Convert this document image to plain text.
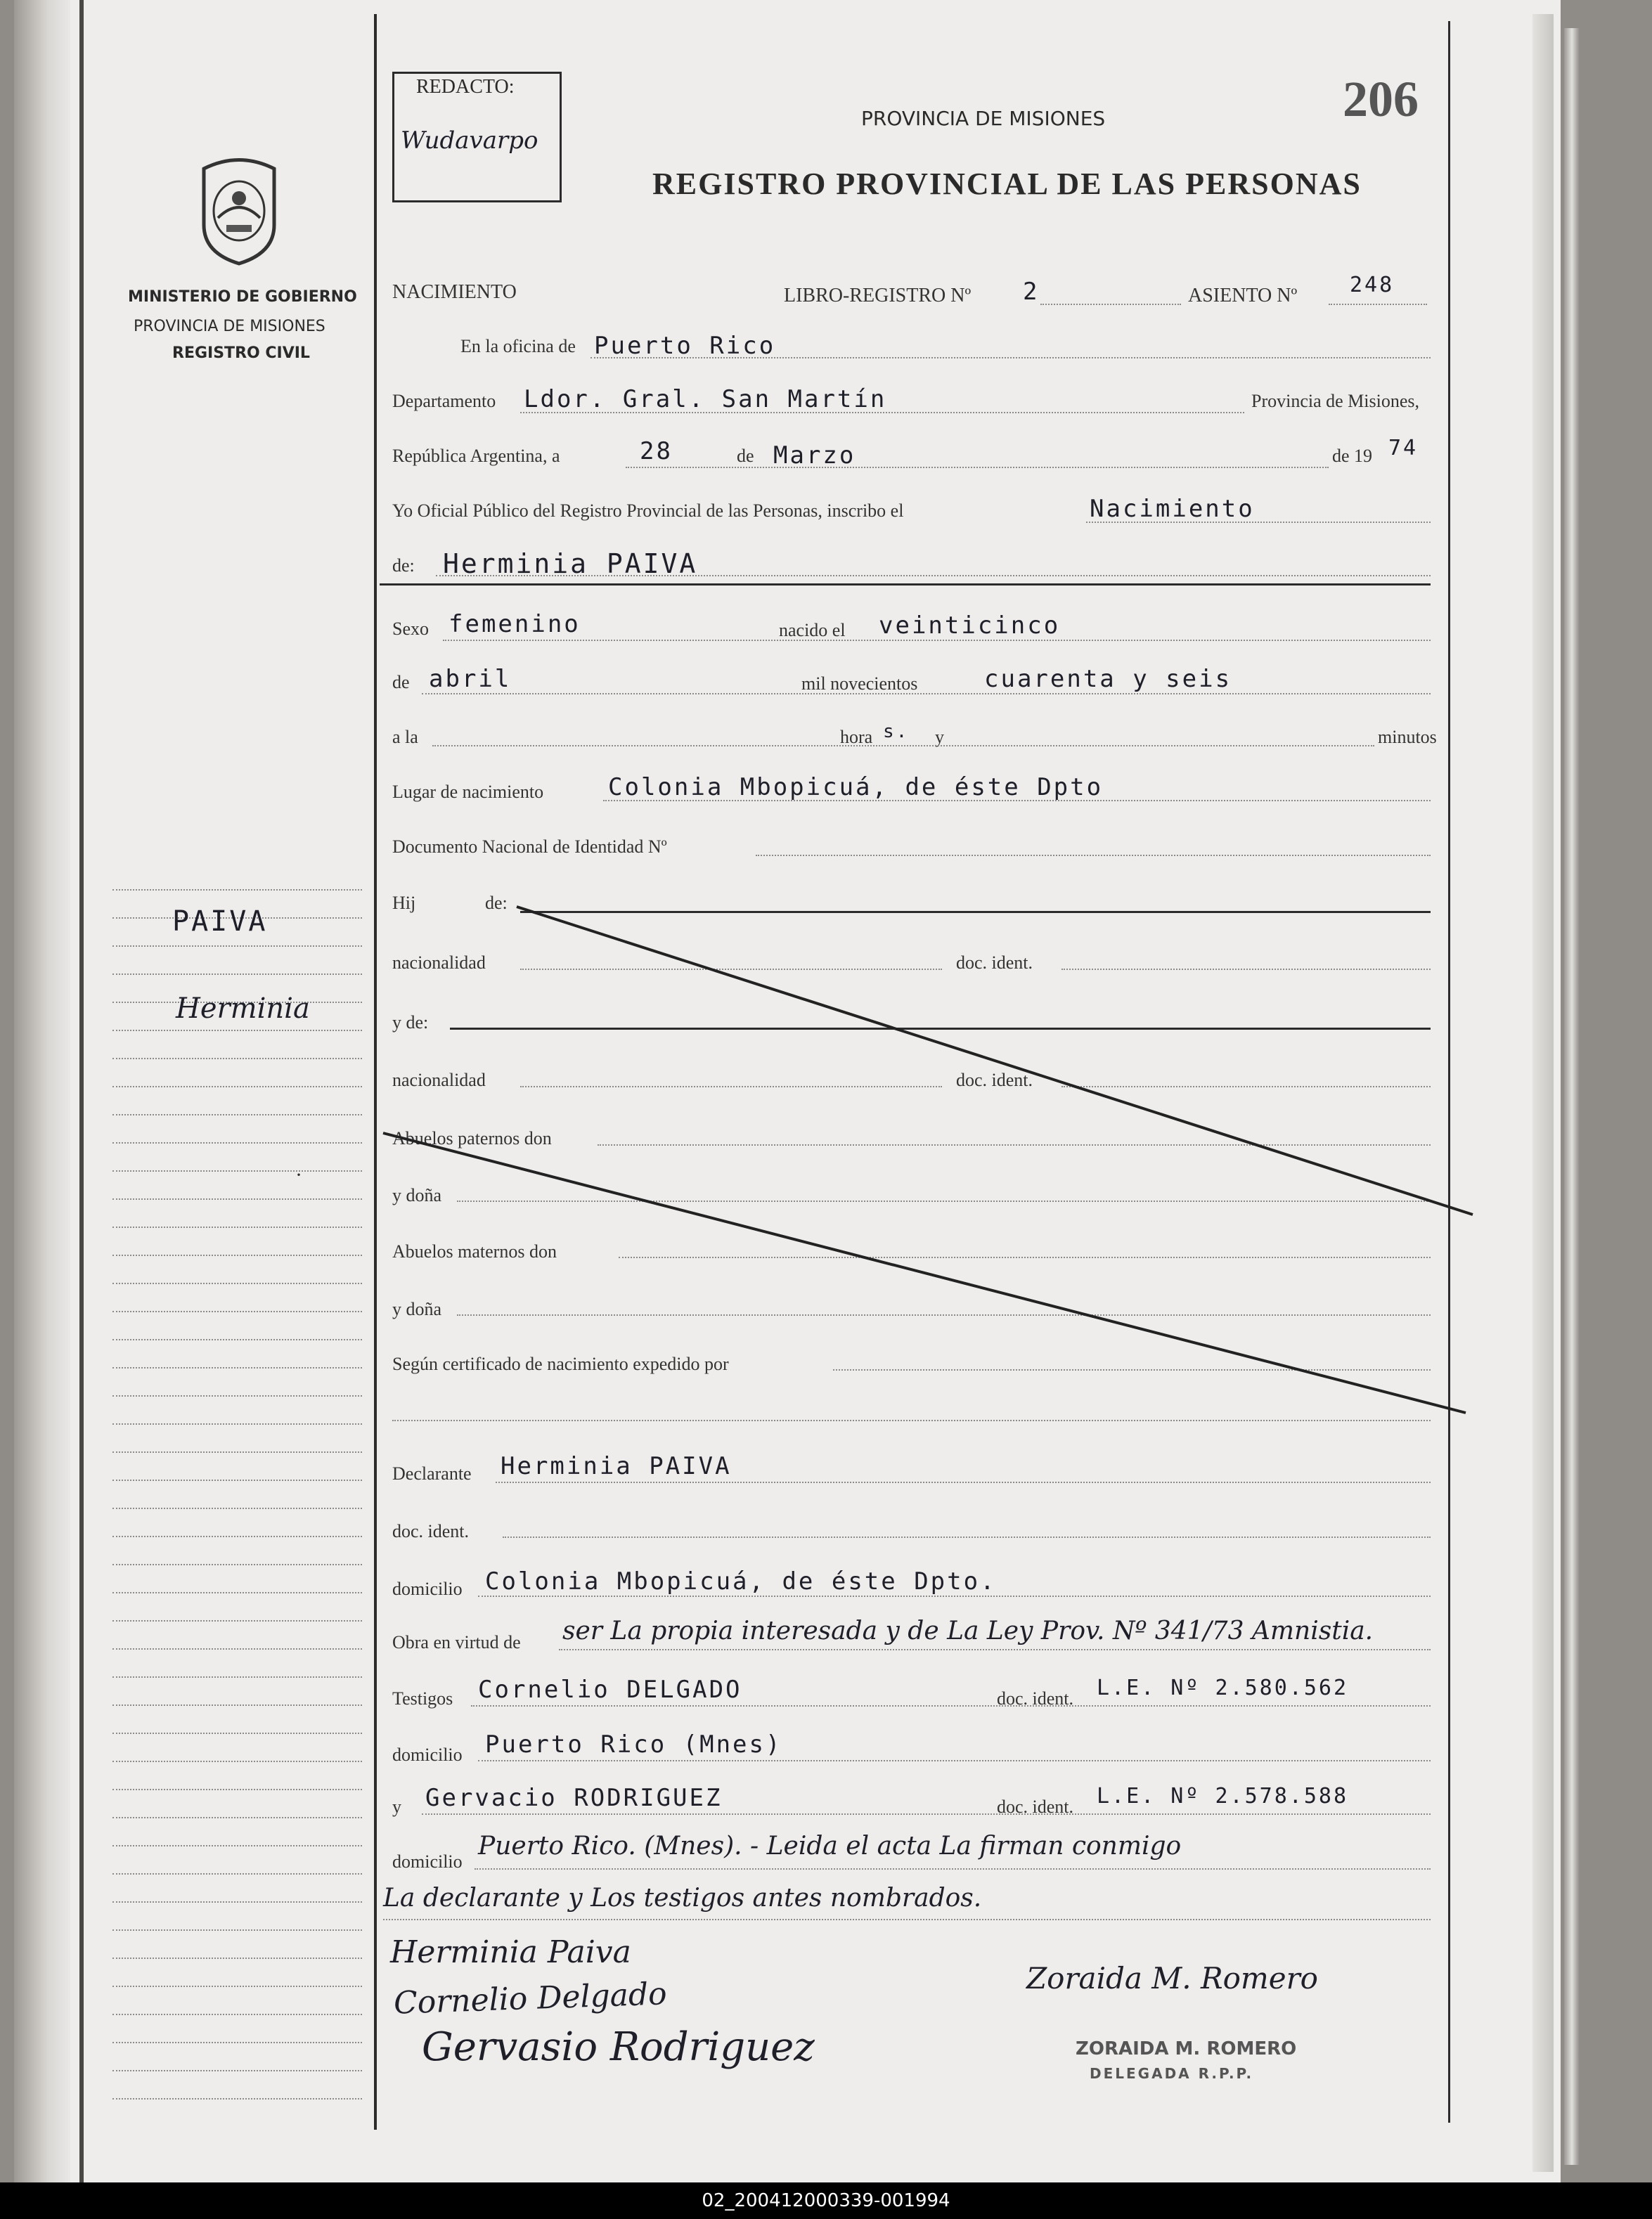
MINISTERIO DE GOBIERNO
PROVINCIA DE MISIONES
REGISTRO CIVIL
PAIVA
Herminia
·
REDACTO:
Wudavarpo
206
PROVINCIA DE MISIONES
REGISTRO PROVINCIAL DE LAS PERSONAS
NACIMIENTO	LIBRO-REGISTRO Nº 2	ASIENTO Nº 248
En la oficina de Puerto Rico
Departamento Ldor. Gral. San Martín	Provincia de Misiones,
República Argentina, a	28	de Marzo	de 19 74
Yo Oficial Público del Registro Provincial de las Personas, inscribo el	Nacimiento
de: Herminia PAIVA
Sexo femenino	nacido el veinticinco
de abril	mil novecientos	cuarenta y seis
a la	hora s. y	minutos
Lugar de nacimiento	Colonia Mbopicuá, de éste Dpto
Documento Nacional de Identidad Nº
Hij	de:
nacionalidad	doc. ident.
y de:
nacionalidad	doc. ident.
Abuelos paternos don
y doña
Abuelos maternos don
y doña
Según certificado de nacimiento expedido por
Declarante Herminia PAIVA
doc. ident.
domicilio Colonia Mbopicuá, de éste Dpto.
Obra en virtud de ser La propia interesada y de La Ley Prov. Nº 341/73 Amnistia.
Testigos Cornelio DELGADO	doc. ident. L.E. Nº 2.580.562
domicilio Puerto Rico (Mnes)
y Gervacio RODRIGUEZ	doc. ident. L.E. Nº 2.578.588
domicilio
Puerto Rico. (Mnes). - Leida el acta La firman conmigo
La declarante y Los testigos antes nombrados.
Herminia Paiva
Cornelio Delgado
Gervasio Rodriguez
Zoraida M. Romero
ZORAIDA M. ROMERO
DELEGADA R.P.P.
02_200412000339-001994
